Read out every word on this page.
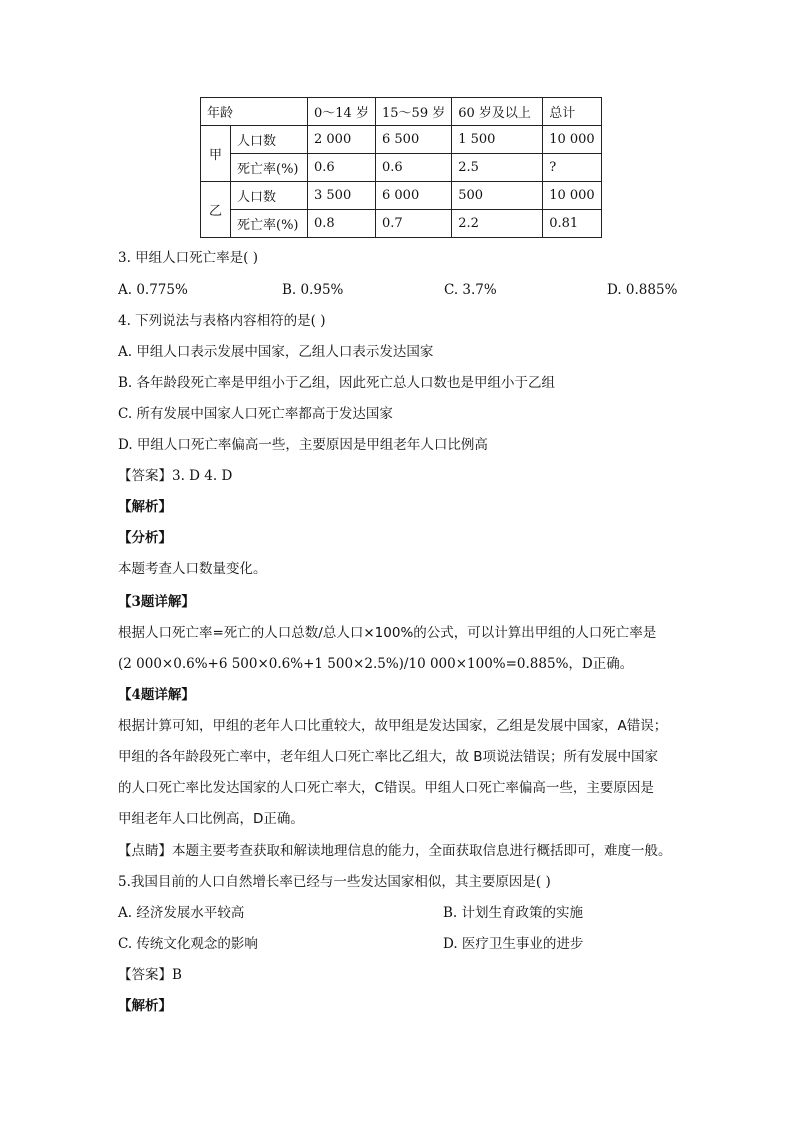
年龄		0～14 岁	15～59 岁	60 岁及以上	总计
甲	人口数	2 000	6 500	1 500	10 000
	死亡率(%)	0.6	0.6	2.5	?
乙	人口数	3 500	6 000	500	10 000
	死亡率(%)	0.8	0.7	2.2	0.81
3. 甲组人口死亡率是( )
A. 0.775%	B. 0.95%	C. 3.7%	D. 0.885%
4. 下列说法与表格内容相符的是( )
A. 甲组人口表示发展中国家，乙组人口表示发达国家
B. 各年龄段死亡率是甲组小于乙组，因此死亡总人口数也是甲组小于乙组
C. 所有发展中国家人口死亡率都高于发达国家
D. 甲组人口死亡率偏高一些，主要原因是甲组老年人口比例高
【答案】3. D 4. D
【解析】
【分析】
本题考查人口数量变化。
【3题详解】
根据人口死亡率=死亡的人口总数/总人口×100%的公式，可以计算出甲组的人口死亡率是
(2 000×0.6%+6 500×0.6%+1 500×2.5%)/10 000×100%=0.885%，D正确。
【4题详解】
根据计算可知，甲组的老年人口比重较大，故甲组是发达国家，乙组是发展中国家，A错误；
甲组的各年龄段死亡率中，老年组人口死亡率比乙组大，故 B项说法错误；所有发展中国家
的人口死亡率比发达国家的人口死亡率大，C错误。甲组人口死亡率偏高一些，主要原因是
甲组老年人口比例高，D正确。
【点睛】本题主要考查获取和解读地理信息的能力，全面获取信息进行概括即可，难度一般。
5.我国目前的人口自然增长率已经与一些发达国家相似，其主要原因是( )
A. 经济发展水平较高	B. 计划生育政策的实施
C. 传统文化观念的影响	D. 医疗卫生事业的进步
【答案】B
【解析】
